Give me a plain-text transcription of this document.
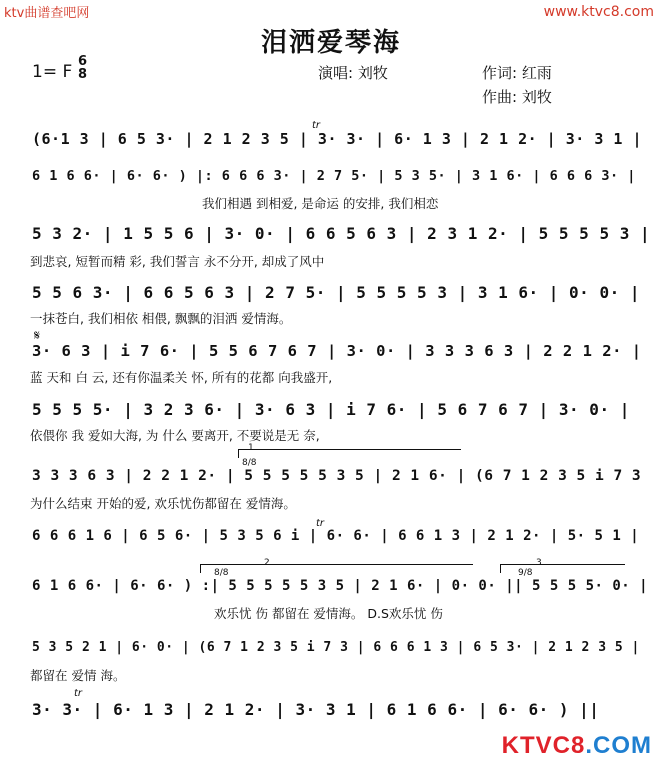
ktv曲谱查吧网	www.ktvc8.com
泪洒爱琴海
1= F
6
8	演唱: 刘牧	作词: 红雨
作曲: 刘牧
tr
tr
tr
𝄋
1
8/8
2
8/8
3
9/8
(6·1 3 | 6 5 3· | 2 1 2 3 5 | 3· 3· | 6· 1 3 | 2 1 2· | 3· 3 1 |
6 1 6 6· | 6· 6· ) |: 6 6 6 3· | 2 7 5· | 5 3 5· | 3 1 6· | 6 6 6 3· |
我们相遇 到相爱, 是命运 的安排, 我们相恋
5 3 2· | 1 5 5 6 | 3· 0· | 6 6 5 6 3 | 2 3 1 2· | 5 5 5 5 3 |
到悲哀, 短暂而精 彩, 我们誓言 永不分开, 却成了风中
5 5 6 3· | 6 6 5 6 3 | 2 7 5· | 5 5 5 5 3 | 3 1 6· | 0· 0· |
一抹苍白, 我们相依 相偎, 飘飘的泪洒 爱情海。
3· 6 3 | i 7 6· | 5 5 6 7 6 7 | 3· 0· | 3 3 3 6 3 | 2 2 1 2· |
蓝 天和 白 云, 还有你温柔关 怀, 所有的花都 向我盛开,
5 5 5 5· | 3 2 3 6· | 3· 6 3 | i 7 6· | 5 6 7 6 7 | 3· 0· |
依偎你 我 爱如大海, 为 什么 要离开, 不要说是无 奈,
3 3 3 6 3 | 2 2 1 2· | 5 5 5 5 5 3 5 | 2 1 6· | (6 7 1 2 3 5 i 7 3
为什么结束 开始的爱, 欢乐忧伤都留在 爱情海。
6 6 6 1 6 | 6 5 6· | 5 3 5 6 i | 6· 6· | 6 6 1 3 | 2 1 2· | 5· 5 1 |
6 1 6 6· | 6· 6· ) :| 5 5 5 5 5 3 5 | 2 1 6· | 0· 0· || 5 5 5 5· 0· |
欢乐忧 伤 都留在 爱情海。 D.S欢乐忧 伤
5 3 5 2 1 | 6· 0· | (6 7 1 2 3 5 i 7 3 | 6 6 6 1 3 | 6 5 3· | 2 1 2 3 5 |
都留在 爱情 海。
3· 3· | 6· 1 3 | 2 1 2· | 3· 3 1 | 6 1 6 6· | 6· 6· ) ||
KTVC8.COM
